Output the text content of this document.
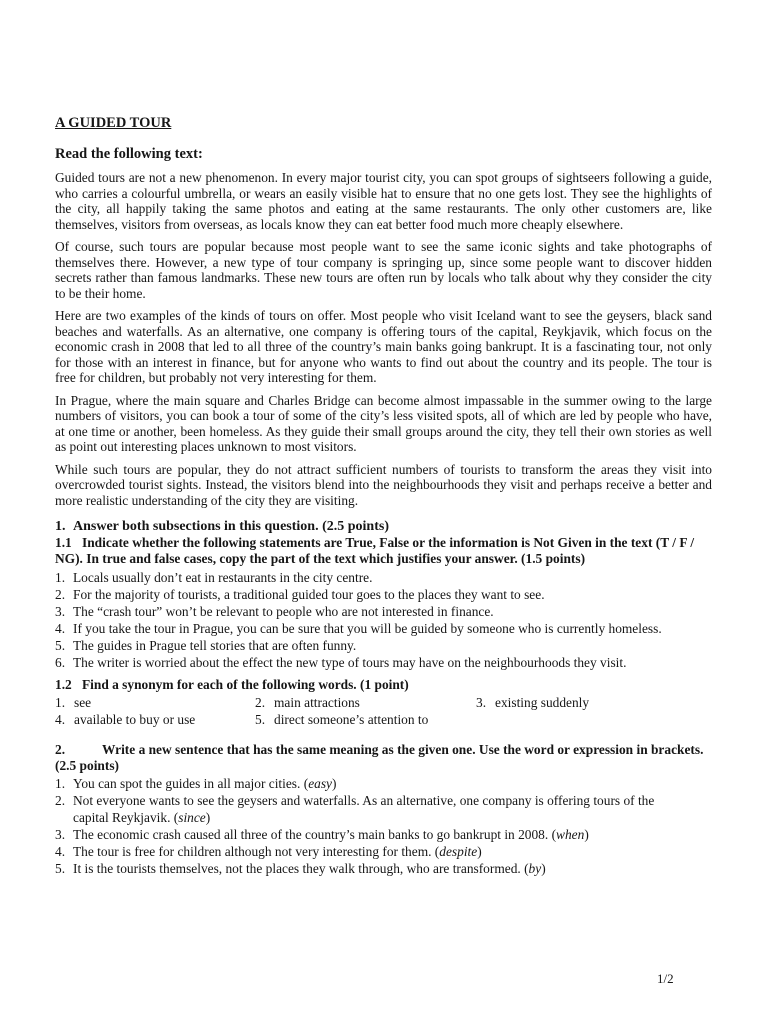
A GUIDED TOUR
Read the following text:

Guided tours are not a new phenomenon. In every major tourist city, you can spot groups of sightseers following a guide, who carries a colourful umbrella, or wears an easily visible hat to ensure that no one gets lost. They see the highlights of the city, all happily taking the same photos and eating at the same restaurants. The only other customers are, like themselves, visitors from overseas, as locals know they can eat better food much more cheaply elsewhere.

Of course, such tours are popular because most people want to see the same iconic sights and take photographs of themselves there. However, a new type of tour company is springing up, since some people want to discover hidden secrets rather than famous landmarks. These new tours are often run by locals who talk about why they consider the city to be their home.

Here are two examples of the kinds of tours on offer. Most people who visit Iceland want to see the geysers, black sand beaches and waterfalls. As an alternative, one company is offering tours of the capital, Reykjavik, which focus on the economic crash in 2008 that led to all three of the country’s main banks going bankrupt. It is a fascinating tour, not only for those with an interest in finance, but for anyone who wants to find out about the country and its people. The tour is free for children, but probably not very interesting for them.

In Prague, where the main square and Charles Bridge can become almost impassable in the summer owing to the large numbers of visitors, you can book a tour of some of the city’s less visited spots, all of which are led by people who have, at one time or another, been homeless. As they guide their small groups around the city, they tell their own stories as well as point out interesting places unknown to most visitors.

While such tours are popular, they do not attract sufficient numbers of tourists to transform the areas they visit into overcrowded tourist sights. Instead, the visitors blend into the neighbourhoods they visit and perhaps receive a better and more realistic understanding of the city they are visiting.

1. Answer both subsections in this question. (2.5 points)
1.1 Indicate whether the following statements are True, False or the information is Not Given in the text (T / F / NG). In true and false cases, copy the part of the text which justifies your answer. (1.5 points)
1. Locals usually don’t eat in restaurants in the city centre.
2. For the majority of tourists, a traditional guided tour goes to the places they want to see.
3. The “crash tour” won’t be relevant to people who are not interested in finance.
4. If you take the tour in Prague, you can be sure that you will be guided by someone who is currently homeless.
5. The guides in Prague tell stories that are often funny.
6. The writer is worried about the effect the new type of tours may have on the neighbourhoods they visit.
1.2 Find a synonym for each of the following words. (1 point)
1. see	2. main attractions	3. existing suddenly
4. available to buy or use	5. direct someone’s attention to
2.	Write a new sentence that has the same meaning as the given one. Use the word or expression in brackets. (2.5 points)
1. You can spot the guides in all major cities. (easy)
2. Not everyone wants to see the geysers and waterfalls. As an alternative, one company is offering tours of the capital Reykjavik. (since)
3. The economic crash caused all three of the country’s main banks to go bankrupt in 2008. (when)
4. The tour is free for children although not very interesting for them. (despite)
5. It is the tourists themselves, not the places they walk through, who are transformed. (by)
1/2
